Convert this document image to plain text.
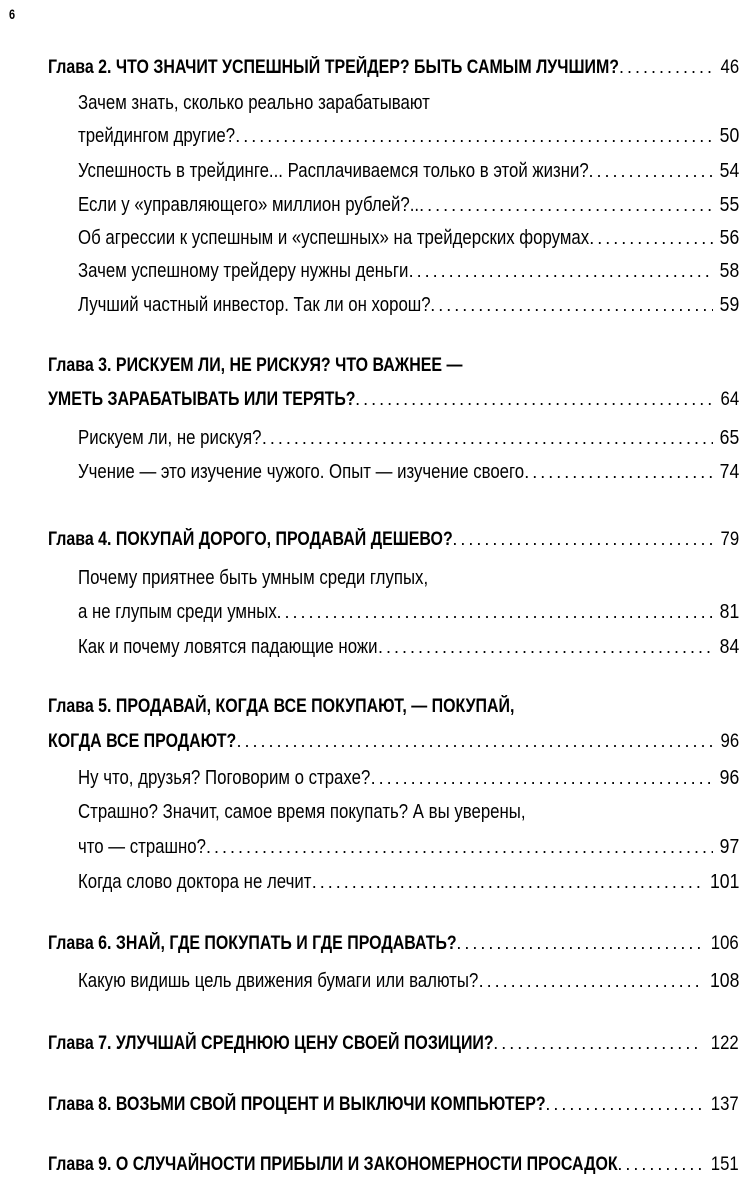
6
Глава 2. ЧТО ЗНАЧИТ УСПЕШНЫЙ ТРЕЙДЕР? БЫТЬ САМЫМ ЛУЧШИМ? . . .	46
Зачем знать, сколько реально зарабатывают
трейдингом другие? . . .	50
Успешность в трейдинге... Расплачиваемся только в этой жизни? . . .	54
Если у «управляющего» миллион рублей?.. . . .	55
Об агрессии к успешным и «успешных» на трейдерских форумах . . .	56
Зачем успешному трейдеру нужны деньги . . .	58
Лучший частный инвестор. Так ли он хорош? . . .	59
Глава 3. РИСКУЕМ ЛИ, НЕ РИСКУЯ? ЧТО ВАЖНЕЕ —
УМЕТЬ ЗАРАБАТЫВАТЬ ИЛИ ТЕРЯТЬ? . . .	64
Рискуем ли, не рискуя? . . .	65
Учение — это изучение чужого. Опыт — изучение своего . . .	74
Глава 4. ПОКУПАЙ ДОРОГО, ПРОДАВАЙ ДЕШЕВО? . . .	79
Почему приятнее быть умным среди глупых,
а не глупым среди умных . . .	81
Как и почему ловятся падающие ножи . . .	84
Глава 5. ПРОДАВАЙ, КОГДА ВСЕ ПОКУПАЮТ, — ПОКУПАЙ,
КОГДА ВСЕ ПРОДАЮТ? . . .	96
Ну что, друзья? Поговорим о страхе? . . .	96
Страшно? Значит, самое время покупать? А вы уверены,
что — страшно? . . .	97
Когда слово доктора не лечит . . .	101
Глава 6. ЗНАЙ, ГДЕ ПОКУПАТЬ И ГДЕ ПРОДАВАТЬ? . . .	106
Какую видишь цель движения бумаги или валюты? . . .	108
Глава 7. УЛУЧШАЙ СРЕДНЮЮ ЦЕНУ СВОЕЙ ПОЗИЦИИ? . . .	122
Глава 8. ВОЗЬМИ СВОЙ ПРОЦЕНТ И ВЫКЛЮЧИ КОМПЬЮТЕР? . . .	137
Глава 9. О СЛУЧАЙНОСТИ ПРИБЫЛИ И ЗАКОНОМЕРНОСТИ ПРОСАДОК . . .	151
